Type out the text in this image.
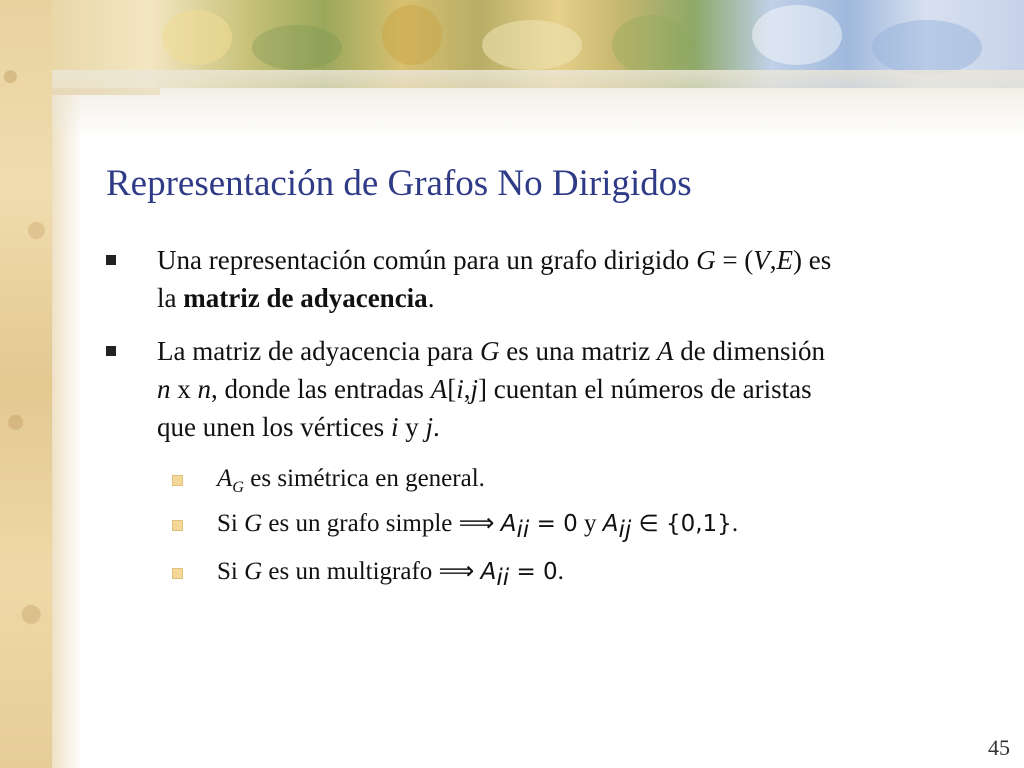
Representación de Grafos No Dirigidos
Una representación común para un grafo dirigido G = (V,E) es
la matriz de adyacencia.
La matriz de adyacencia para G es una matriz A de dimensión
n x n, donde las entradas A[i,j] cuentan el números de aristas
que unen los vértices i y j.
$A_G$ es simétrica en general.
Si G es un grafo simple ⟹ $A_{ii} = 0$ y $A_{ij}$ ∈ {0,1}.
Si G es un multigrafo ⟹ $A_{ii} = 0$.
45
